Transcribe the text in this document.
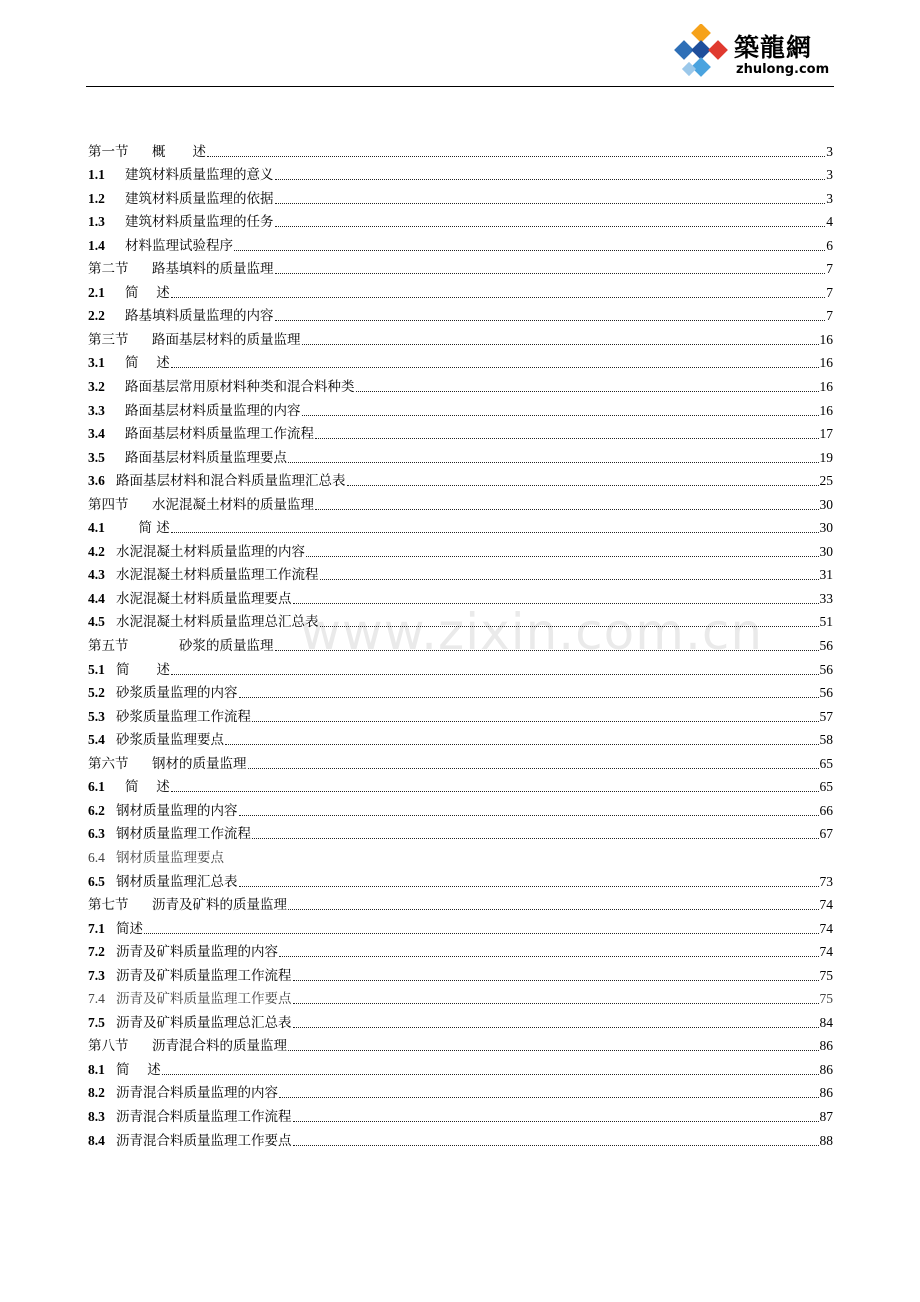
築龍網
zhulong.com
第一节	概　　述	3
1.1	建筑材料质量监理的意义	3
1.2	建筑材料质量监理的依据	3
1.3	建筑材料质量监理的任务	4
1.4	材料监理试验程序	6
第二节	路基填料的质量监理	7
2.1	简　 述	7
2.2	路基填料质量监理的内容	7
第三节	路面基层材料的质量监理	16
3.1	简　 述	16
3.2	路面基层常用原材料种类和混合料种类	16
3.3	路面基层材料质量监理的内容	16
3.4	路面基层材料质量监理工作流程	17
3.5	路面基层材料质量监理要点	19
3.6 路面基层材料和混合料质量监理汇总表	25
第四节	水泥混凝土材料的质量监理	30
4.1	　简 述	30
4.2 水泥混凝土材料质量监理的内容	30
4.3 水泥混凝土材料质量监理工作流程	31
4.4 水泥混凝土材料质量监理要点	33
4.5 水泥混凝土材料质量监理总汇总表	51
第五节	　　砂浆的质量监理	56
5.1 简　　述	56
5.2 砂浆质量监理的内容	56
5.3 砂浆质量监理工作流程	57
5.4 砂浆质量监理要点	58
第六节	钢材的质量监理	65
6.1	简　 述	65
6.2 钢材质量监理的内容	66
6.3 钢材质量监理工作流程	67
6.4 钢材质量监理要点
6.5 钢材质量监理汇总表	73
第七节	沥青及矿料的质量监理	74
7.1 简述	74
7.2 沥青及矿料质量监理的内容	74
7.3 沥青及矿料质量监理工作流程	75
7.4 沥青及矿料质量监理工作要点	75
7.5 沥青及矿料质量监理总汇总表	84
第八节	沥青混合料的质量监理	86
8.1 简　 述	86
8.2 沥青混合料质量监理的内容	86
8.3 沥青混合料质量监理工作流程	87
8.4 沥青混合料质量监理工作要点	88
www.zixin.com.cn
